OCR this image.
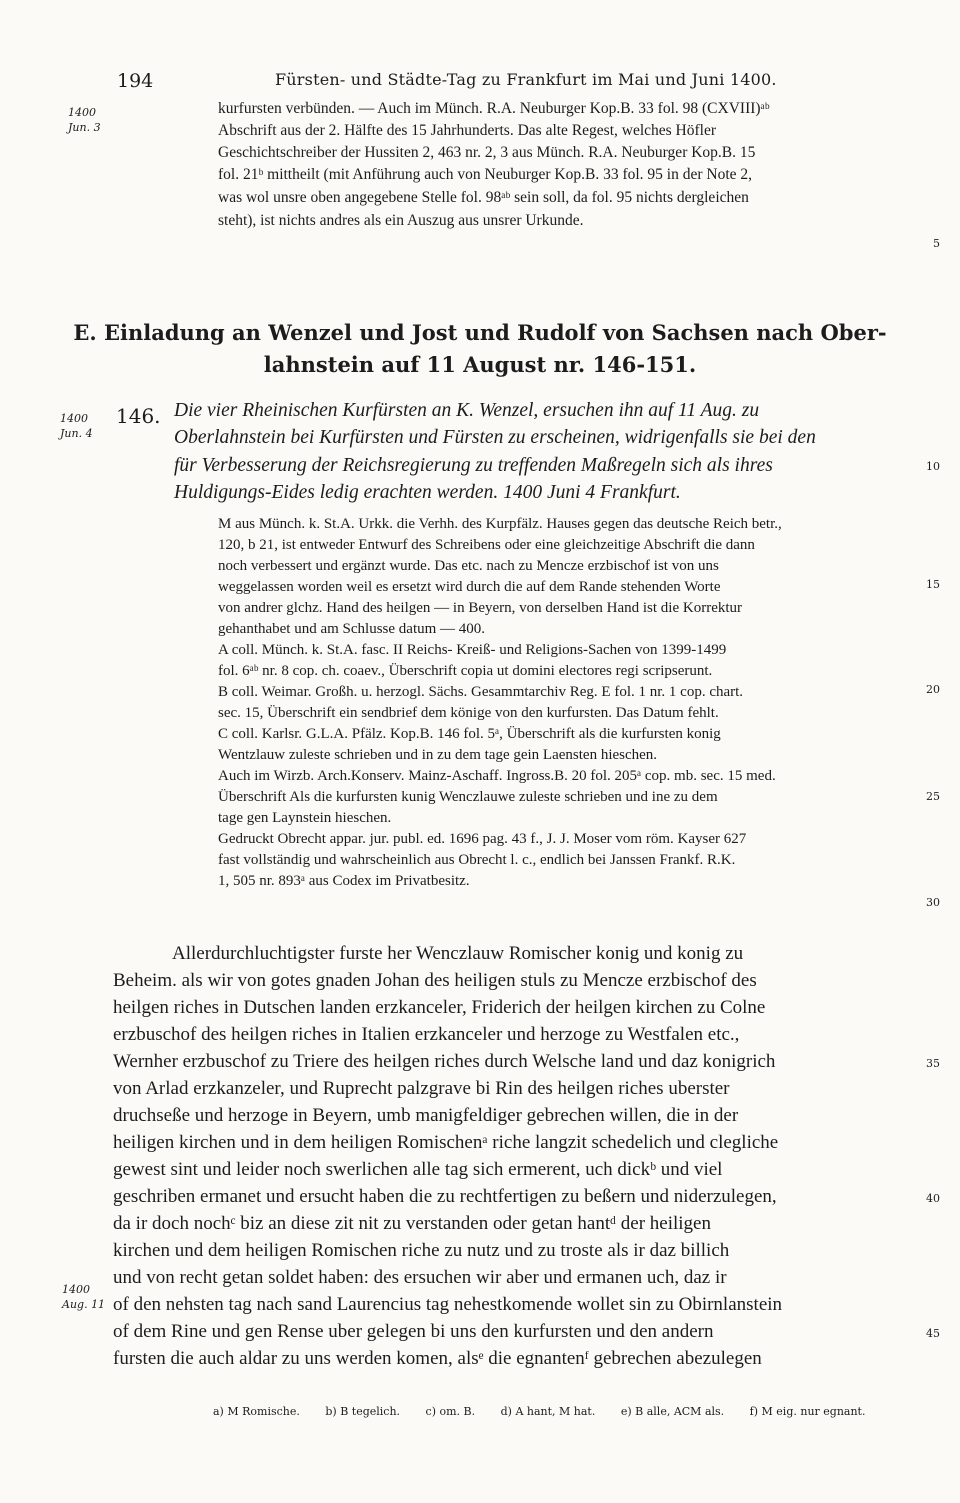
194	Fürsten- und Städte-Tag zu Frankfurt im Mai und Juni 1400.
1400
Jun. 3
1400
Jun. 4
1400
Aug. 11
kurfursten verbünden. — Auch im Münch. R.A. Neuburger Kop.B. 33 fol. 98 (CXVIII)ᵃᵇ
Abschrift aus der 2. Hälfte des 15 Jahrhunderts. Das alte Regest, welches Höfler
Geschichtschreiber der Hussiten 2, 463 nr. 2, 3 aus Münch. R.A. Neuburger Kop.B. 15
fol. 21ᵇ mittheilt (mit Anführung auch von Neuburger Kop.B. 33 fol. 95 in der Note 2,
was wol unsre oben angegebene Stelle fol. 98ᵃᵇ sein soll, da fol. 95 nichts dergleichen
steht), ist nichts andres als ein Auszug aus unsrer Urkunde.
E. Einladung an Wenzel und Jost und Rudolf von Sachsen nach Ober-
lahnstein auf 11 August nr. 146-151.
146. Die vier Rheinischen Kurfürsten an K. Wenzel, ersuchen ihn auf 11 Aug. zu
Oberlahnstein bei Kurfürsten und Fürsten zu erscheinen, widrigenfalls sie bei den
für Verbesserung der Reichsregierung zu treffenden Maßregeln sich als ihres
Huldigungs-Eides ledig erachten werden. 1400 Juni 4 Frankfurt.
M aus Münch. k. St.A. Urkk. die Verhh. des Kurpfälz. Hauses gegen das deutsche Reich betr.,
120, b 21, ist entweder Entwurf des Schreibens oder eine gleichzeitige Abschrift die dann
noch verbessert und ergänzt wurde. Das etc. nach zu Mencze erzbischof ist von uns
weggelassen worden weil es ersetzt wird durch die auf dem Rande stehenden Worte
von andrer glchz. Hand des heilgen — in Beyern, von derselben Hand ist die Korrektur
gehanthabet und am Schlusse datum — 400.
A coll. Münch. k. St.A. fasc. II Reichs- Kreiß- und Religions-Sachen von 1399-1499
fol. 6ᵃᵇ nr. 8 cop. ch. coaev., Überschrift copia ut domini electores regi scripserunt.
B coll. Weimar. Großh. u. herzogl. Sächs. Gesammtarchiv Reg. E fol. 1 nr. 1 cop. chart.
sec. 15, Überschrift ein sendbrief dem könige von den kurfursten. Das Datum fehlt.
C coll. Karlsr. G.L.A. Pfälz. Kop.B. 146 fol. 5ᵃ, Überschrift als die kurfursten konig
Wentzlauw zuleste schrieben und in zu dem tage gein Laensten hieschen.
Auch im Wirzb. Arch.Konserv. Mainz-Aschaff. Ingross.B. 20 fol. 205ᵃ cop. mb. sec. 15 med.
Überschrift Als die kurfursten kunig Wenczlauwe zuleste schrieben und ine zu dem
tage gen Laynstein hieschen.
Gedruckt Obrecht appar. jur. publ. ed. 1696 pag. 43 f., J. J. Moser vom röm. Kayser 627
fast vollständig und wahrscheinlich aus Obrecht l. c., endlich bei Janssen Frankf. R.K.
1, 505 nr. 893ᵃ aus Codex im Privatbesitz.
Allerdurchluchtigster furste her Wenczlauw Romischer konig und konig zu
Beheim. als wir von gotes gnaden Johan des heiligen stuls zu Mencze erzbischof des
heilgen riches in Dutschen landen erzkanceler, Friderich der heilgen kirchen zu Colne
erzbuschof des heilgen riches in Italien erzkanceler und herzoge zu Westfalen etc.,
Wernher erzbuschof zu Triere des heilgen riches durch Welsche land und daz konigrich
von Arlad erzkanzeler, und Ruprecht palzgrave bi Rin des heilgen riches uberster
druchseße und herzoge in Beyern, umb manigfeldiger gebrechen willen, die in der
heiligen kirchen und in dem heiligen Romischenᵃ riche langzit schedelich und clegliche
gewest sint und leider noch swerlichen alle tag sich ermerent, uch dickᵇ und viel
geschriben ermanet und ersucht haben die zu rechtfertigen zu beßern und niderzulegen,
da ir doch nochᶜ biz an diese zit nit zu verstanden oder getan hantᵈ der heiligen
kirchen und dem heiligen Romischen riche zu nutz und zu troste als ir daz billich
und von recht getan soldet haben: des ersuchen wir aber und ermanen uch, daz ir
of den nehsten tag nach sand Laurencius tag nehestkomende wollet sin zu Obirnlanstein
of dem Rine und gen Rense uber gelegen bi uns den kurfursten und den andern
fursten die auch aldar zu uns werden komen, alsᵉ die egnantenᶠ gebrechen abezulegen
5
10
15
20
25
30
35
40
45
a) M Romische. b) B tegelich. c) om. B. d) A hant, M hat. e) B alle, ACM als. f) M eig. nur egnant.
